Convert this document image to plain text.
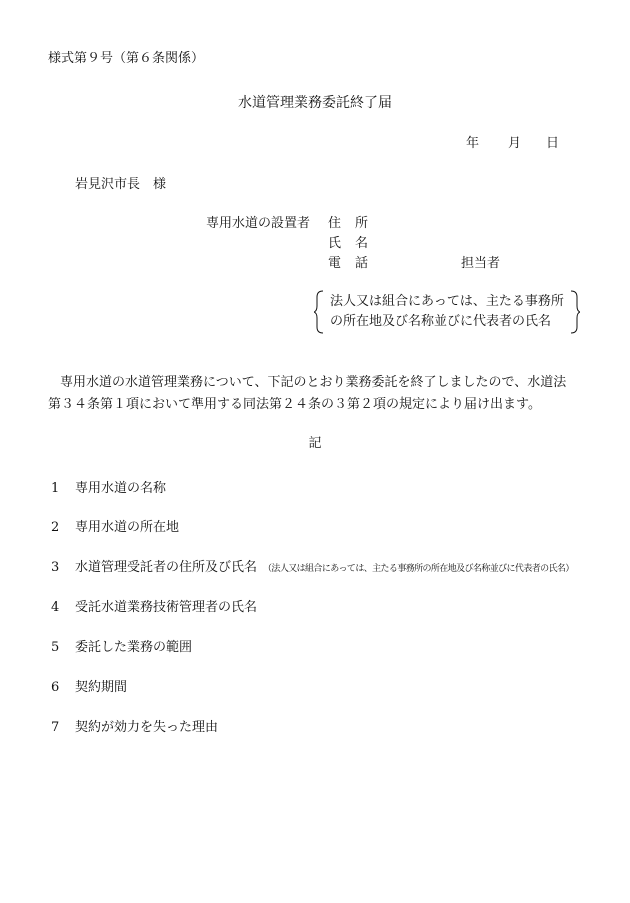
様式第９号（第６条関係）
水道管理業務委託終了届
年 月 日
岩見沢市長　様
専用水道の設置者 住 所
氏 名
電 話	担当者
法人又は組合にあっては、主たる事務所
の所在地及び名称並びに代表者の氏名
専用水道の水道管理業務について、下記のとおり業務委託を終了しましたので、水道法
第３４条第１項において準用する同法第２４条の３第２項の規定により届け出ます。
記
1 専用水道の名称
2 専用水道の所在地
3 水道管理受託者の住所及び氏名 （法人又は組合にあっては、主たる事務所の所在地及び名称並びに代表者の氏名）
4 受託水道業務技術管理者の氏名
5 委託した業務の範囲
6 契約期間
7 契約が効力を失った理由
